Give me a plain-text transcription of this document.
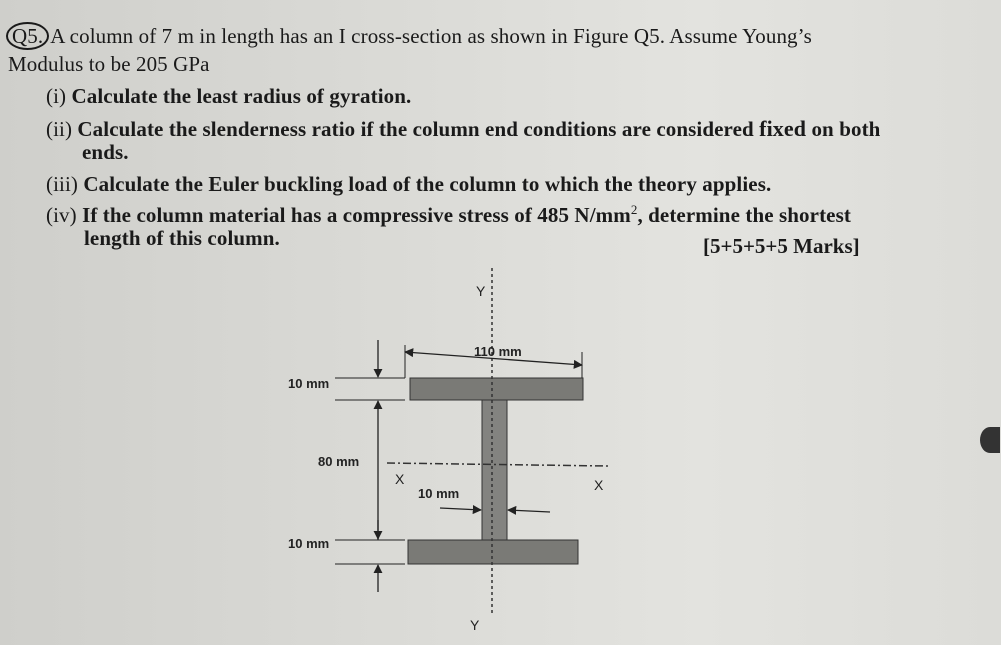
Q5. A column of 7 m in length has an I cross-section as shown in Figure Q5. Assume Young’s
Modulus to be 205 GPa
(i) Calculate the least radius of gyration.
(ii) Calculate the slenderness ratio if the column end conditions are considered fixed on both
ends.
(iii) Calculate the Euler buckling load of the column to which the theory applies.
(iv) If the column material has a compressive stress of 485 $N/mm^2$, determine the shortest
length of this column.	[5+5+5+5 Marks]
110 mm
10 mm
80 mm
10 mm
10 mm
X	X
Y
Y
